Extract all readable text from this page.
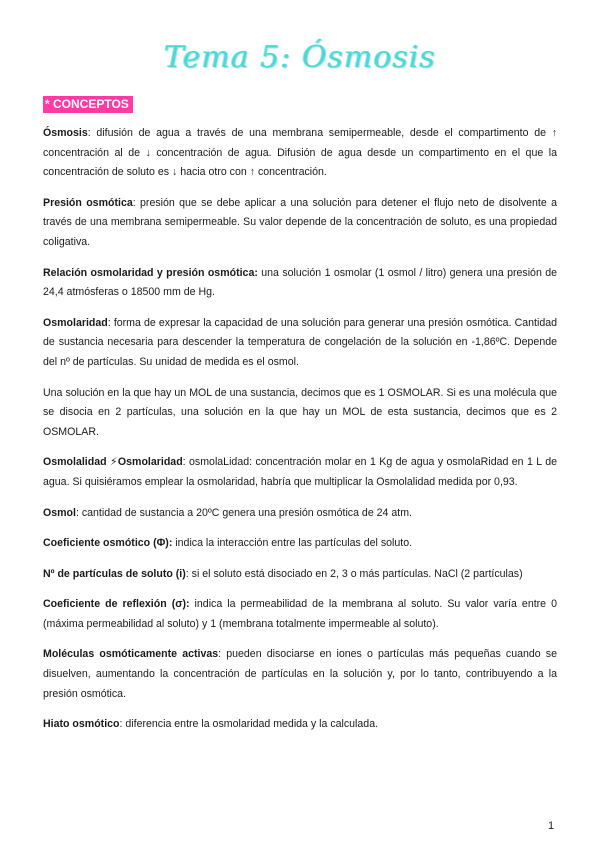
Tema 5: Ósmosis
* CONCEPTOS

Ósmosis: difusión de agua a través de una membrana semipermeable, desde el compartimento de ↑ concentración al de ↓ concentración de agua. Difusión de agua desde un compartimento en el que la concentración de soluto es ↓ hacia otro con ↑ concentración.

Presión osmótica: presión que se debe aplicar a una solución para detener el flujo neto de disolvente a través de una membrana semipermeable. Su valor depende de la concentración de soluto, es una propiedad coligativa.

Relación osmolaridad y presión osmótica: una solución 1 osmolar (1 osmol / litro) genera una presión de 24,4 atmósferas o 18500 mm de Hg.

Osmolaridad: forma de expresar la capacidad de una solución para generar una presión osmótica. Cantidad de sustancia necesaria para descender la temperatura de congelación de la solución en -1,86ºC. Depende del nº de partículas. Su unidad de medida es el osmol.

Una solución en la que hay un MOL de una sustancia, decimos que es 1 OSMOLAR. Si es una molécula que se disocia en 2 partículas, una solución en la que hay un MOL de esta sustancia, decimos que es 2 OSMOLAR.

Osmolalidad ⚡Osmolaridad: osmolaLidad: concentración molar en 1 Kg de agua y osmolaRidad en 1 L de agua. Si quisiéramos emplear la osmolaridad, habría que multiplicar la Osmolalidad medida por 0,93.

Osmol: cantidad de sustancia a 20ºC genera una presión osmótica de 24 atm.

Coeficiente osmótico (Φ): indica la interacción entre las partículas del soluto.

Nº de partículas de soluto (i): si el soluto está disociado en 2, 3 o más partículas. NaCl (2 partículas)

Coeficiente de reflexión (σ): indica la permeabilidad de la membrana al soluto. Su valor varía entre 0 (máxima permeabilidad al soluto) y 1 (membrana totalmente impermeable al soluto).

Moléculas osmóticamente activas: pueden disociarse en iones o partículas más pequeñas cuando se disuelven, aumentando la concentración de partículas en la solución y, por lo tanto, contribuyendo a la presión osmótica.

Hiato osmótico: diferencia entre la osmolaridad medida y la calculada.

1
